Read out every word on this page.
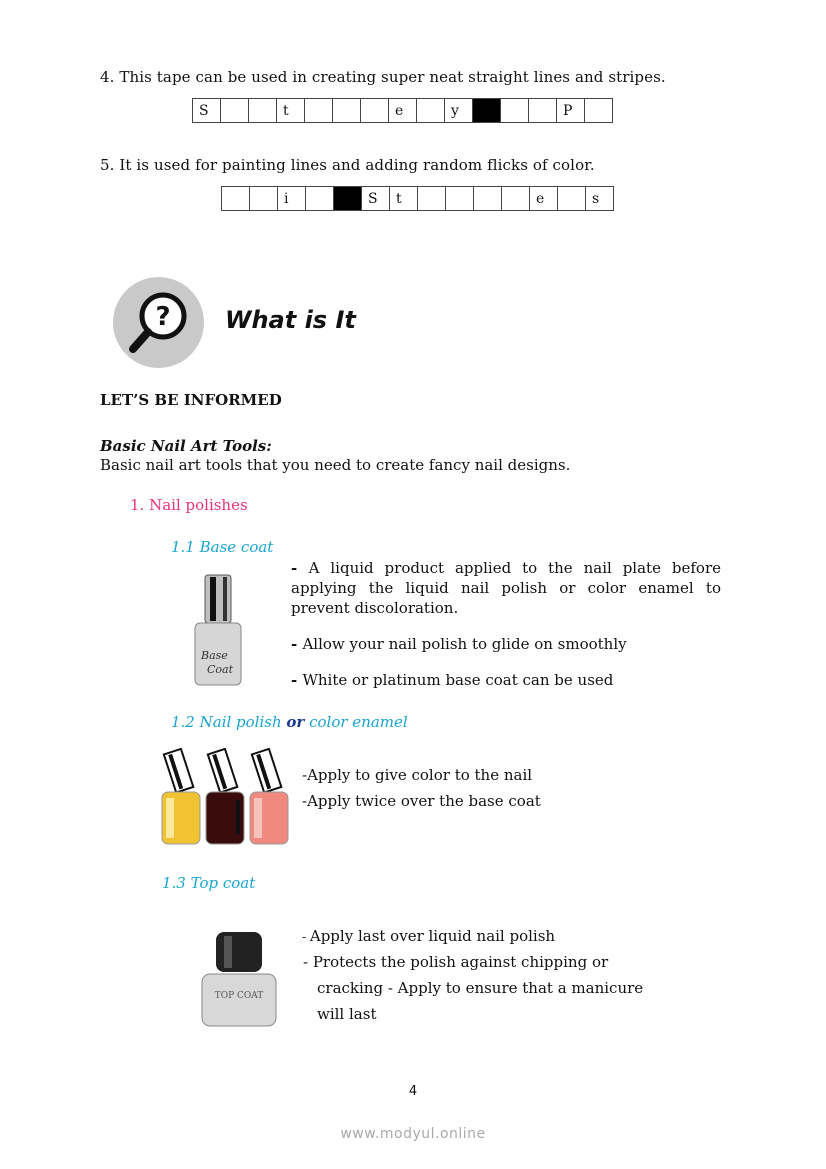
4. This tape can be used in creating super neat straight lines and stripes.
S			t				e		y				P	
5. It is used for painting lines and adding random flicks of color.
		i			S	t					e		s
? What is It
LET’S BE INFORMED
Basic Nail Art Tools:
Basic nail art tools that you need to create fancy nail designs.
1. Nail polishes
1.1 Base coat
Base
Coat
- A liquid product applied to the nail plate before applying the liquid nail polish or color enamel to prevent discoloration.
- Allow your nail polish to glide on smoothly
- White or platinum base coat can be used
1.2 Nail polish or color enamel
-Apply to give color to the nail
-Apply twice over the base coat
1.3 Top coat
TOP COAT
- Apply last over liquid nail polish
- Protects the polish against chipping or
cracking - Apply to ensure that a manicure
will last
4
www.modyul.online
